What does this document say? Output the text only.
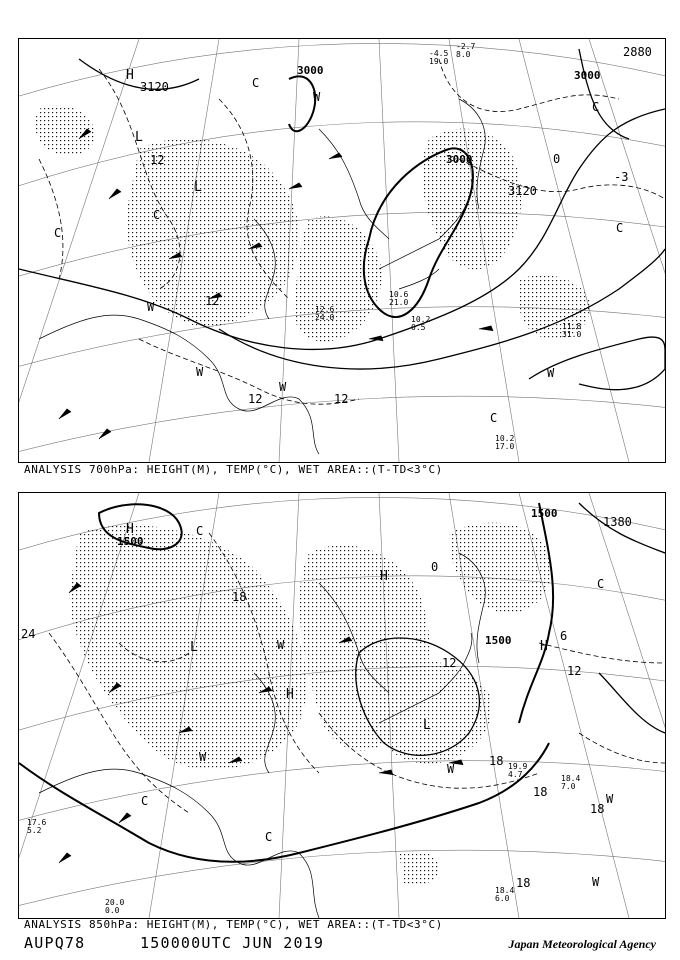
3000
3120
3000
3120
3000
2880
12
12
12	12
0
-3
H
L
L
C
C
C
C
C
C
W
W
W
W
W
10.2
17.0
11.8
31.0
10.2
0.5
10.6
21.0
12.6
24.0
-4.5
19.0
-2.7
8.0
ANALYSIS 700hPa: HEIGHT(M), TEMP(°C), WET AREA::(T-TD<3°C)
1500
1500
1500
1380
18
12
12
18
18
18
18
6
0
24
H
H
H
H
L
L
C
C
C
C
W
W
W
W
W
18.4
6.0
18.4
7.0
19.9
4.7
20.0
0.0
17.6
5.2
ANALYSIS 850hPa: HEIGHT(M), TEMP(°C), WET AREA::(T-TD<3°C)
AUPQ78	150000UTC JUN 2019	Japan Meteorological Agency
